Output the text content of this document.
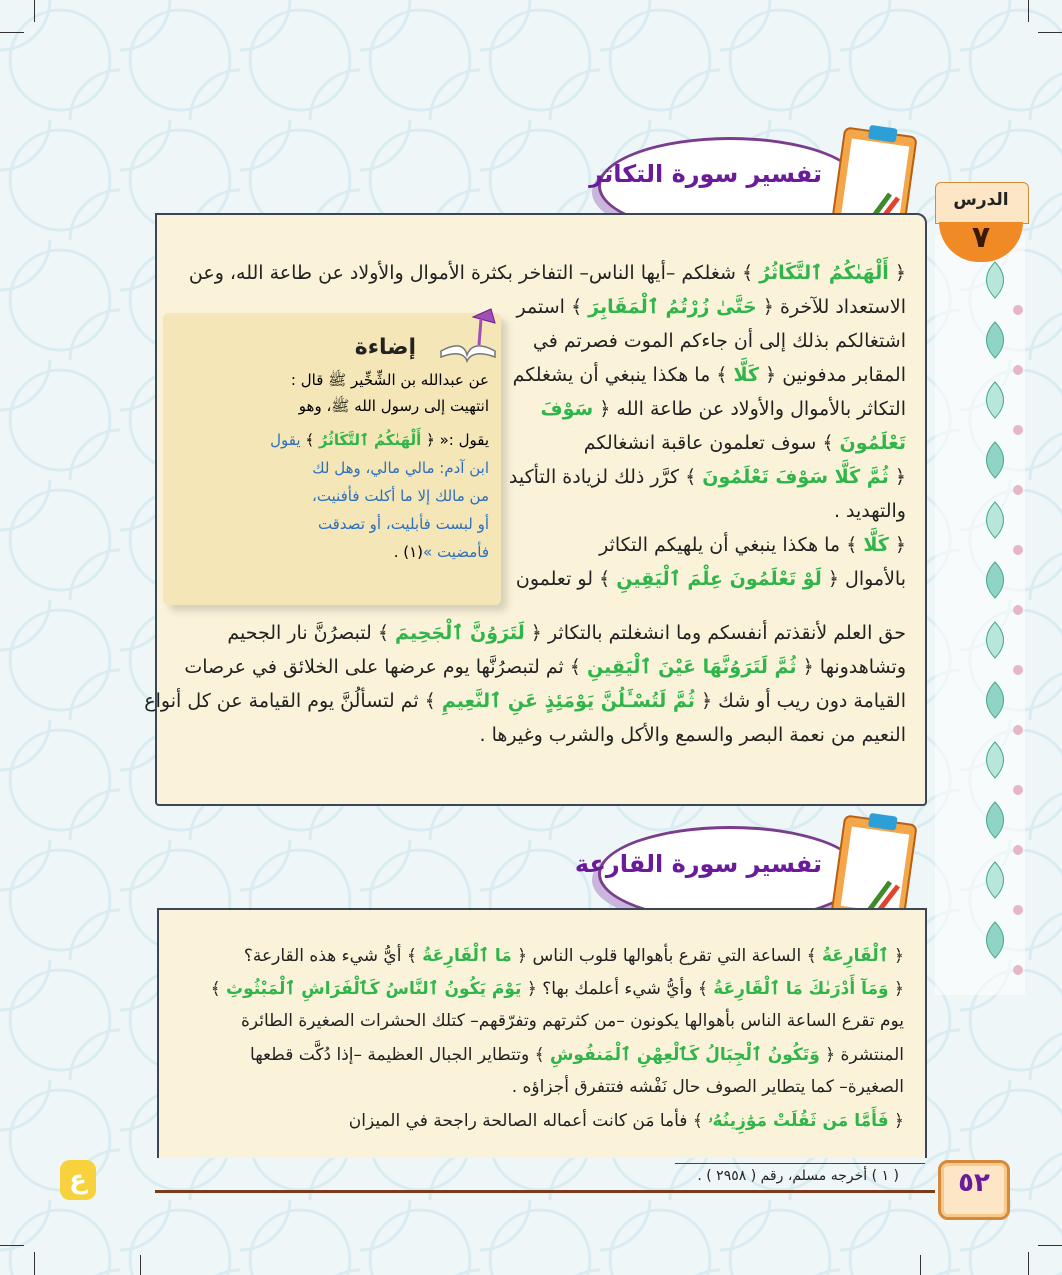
الدرس
٧
تفسير سورة التكاثر
﴿ أَلْهَىٰكُمُ ٱلتَّكَاثُرُ ﴾ شغلكم –أيها الناس– التفاخر بكثرة الأموال والأولاد عن طاعة الله، وعن
الاستعداد للآخرة ﴿ حَتَّىٰ زُرْتُمُ ٱلْمَقَابِرَ ﴾ استمر
اشتغالكم بذلك إلى أن جاءكم الموت فصرتم في
المقابر مدفونين ﴿ كَلَّا ﴾ ما هكذا ينبغي أن يشغلكم
التكاثر بالأموال والأولاد عن طاعة الله ﴿ سَوْفَ
تَعْلَمُونَ ﴾ سوف تعلمون عاقبة انشغالكم
﴿ ثُمَّ كَلَّا سَوْفَ تَعْلَمُونَ ﴾ كرَّر ذلك لزيادة التأكيد
والتهديد .
﴿ كَلَّا ﴾ ما هكذا ينبغي أن يلهيكم التكاثر
بالأموال ﴿ لَوْ تَعْلَمُونَ عِلْمَ ٱلْيَقِينِ ﴾ لو تعلمون
حق العلم لأنقذتم أنفسكم وما انشغلتم بالتكاثر ﴿ لَتَرَوُنَّ ٱلْجَحِيمَ ﴾ لتبصرُنَّ نار الجحيم
وتشاهدونها ﴿ ثُمَّ لَتَرَوُنَّهَا عَيْنَ ٱلْيَقِينِ ﴾ ثم لتبصرُنَّها يوم عرضها على الخلائق في عرصات
القيامة دون ريب أو شك ﴿ ثُمَّ لَتُسْـَٔلُنَّ يَوْمَئِذٍ عَنِ ٱلنَّعِيمِ ﴾ ثم لتسألُنَّ يوم القيامة عن كل أنواع
النعيم من نعمة البصر والسمع والأكل والشرب وغيرها .
إضاءة
عن عبدالله بن الشِّخِّير ﷺ قال :
انتهيت إلى رسول الله ﷺ، وهو
يقول :« ﴿ أَلْهَىٰكُمُ ٱلتَّكَاثُرُ ﴾ يقول
ابن آدم: مالي مالي، وهل لك
من مالك إلا ما أكلت فأفنيت،
أو لبست فأبليت، أو تصدقت
فأمضيت »(١) .
تفسير سورة القارعة
﴿ ٱلْقَارِعَةُ ﴾ الساعة التي تقرع بأهوالها قلوب الناس ﴿ مَا ٱلْقَارِعَةُ ﴾ أيُّ شيء هذه القارعة؟
﴿ وَمَآ أَدْرَىٰكَ مَا ٱلْقَارِعَةُ ﴾ وأيُّ شيء أعلمك بها؟ ﴿ يَوْمَ يَكُونُ ٱلنَّاسُ كَٱلْفَرَاشِ ٱلْمَبْثُوثِ ﴾
يوم تقرع الساعة الناس بأهوالها يكونون –من كثرتهم وتفرّقهم– كتلك الحشرات الصغيرة الطائرة
المنتشرة ﴿ وَتَكُونُ ٱلْجِبَالُ كَٱلْعِهْنِ ٱلْمَنفُوشِ ﴾ وتتطاير الجبال العظيمة –إذا دُكَّت قطعها
الصغيرة– كما يتطاير الصوف حال نَفْشه فتتفرق أجزاؤه .
﴿ فَأَمَّا مَن ثَقُلَتْ مَوَٰزِينُهُۥ ﴾ فأما مَن كانت أعماله الصالحة راجحة في الميزان
( ١ ) أخرجه مسلم، رقم ( ٢٩٥٨ ) .	٥٢
ع
